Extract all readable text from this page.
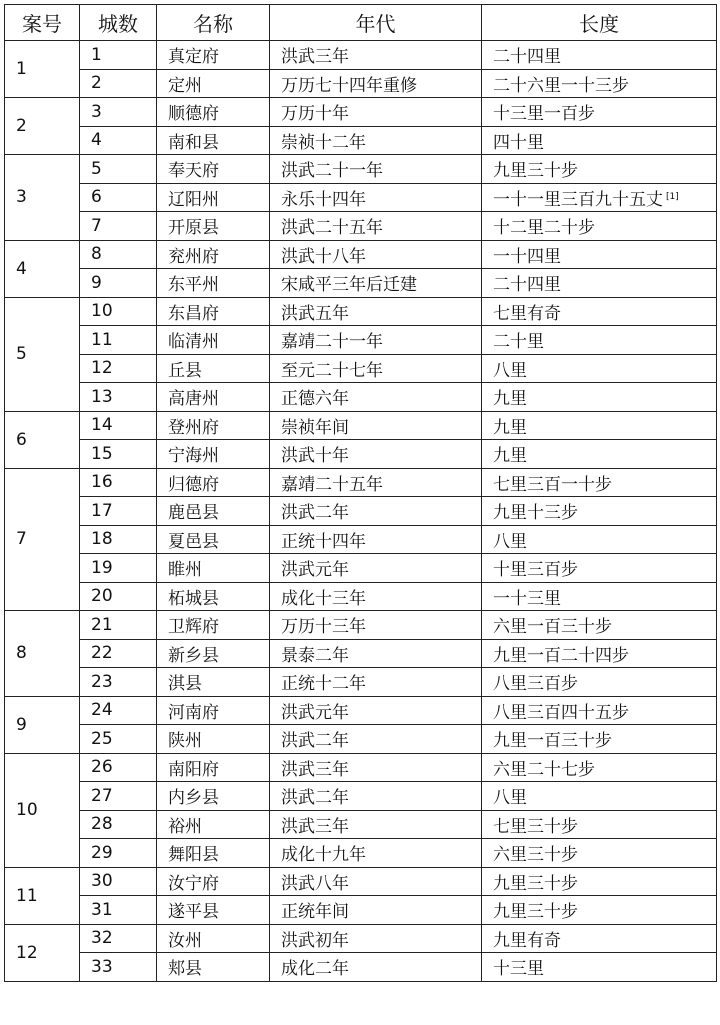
案号	城数	名称	年代	长度
1	1	真定府	洪武三年	二十四里
	2	定州	万历七十四年重修	二十六里一十三步
2	3	顺德府	万历十年	十三里一百步
	4	南和县	崇祯十二年	四十里
3	5	奉天府	洪武二十一年	九里三十步
	6	辽阳州	永乐十四年	一十一里三百九十五丈 [1]
	7	开原县	洪武二十五年	十二里二十步
4	8	兖州府	洪武十八年	一十四里
	9	东平州	宋咸平三年后迁建	二十四里
5	10	东昌府	洪武五年	七里有奇
	11	临清州	嘉靖二十一年	二十里
	12	丘县	至元二十七年	八里
	13	高唐州	正德六年	九里
6	14	登州府	崇祯年间	九里
	15	宁海州	洪武十年	九里
7	16	归德府	嘉靖二十五年	七里三百一十步
	17	鹿邑县	洪武二年	九里十三步
	18	夏邑县	正统十四年	八里
	19	睢州	洪武元年	十里三百步
	20	柘城县	成化十三年	一十三里
8	21	卫辉府	万历十三年	六里一百三十步
	22	新乡县	景泰二年	九里一百二十四步
	23	淇县	正统十二年	八里三百步
9	24	河南府	洪武元年	八里三百四十五步
	25	陕州	洪武二年	九里一百三十步
10	26	南阳府	洪武三年	六里二十七步
	27	内乡县	洪武二年	八里
	28	裕州	洪武三年	七里三十步
	29	舞阳县	成化十九年	六里三十步
11	30	汝宁府	洪武八年	九里三十步
	31	遂平县	正统年间	九里三十步
12	32	汝州	洪武初年	九里有奇
	33	郏县	成化二年	十三里
